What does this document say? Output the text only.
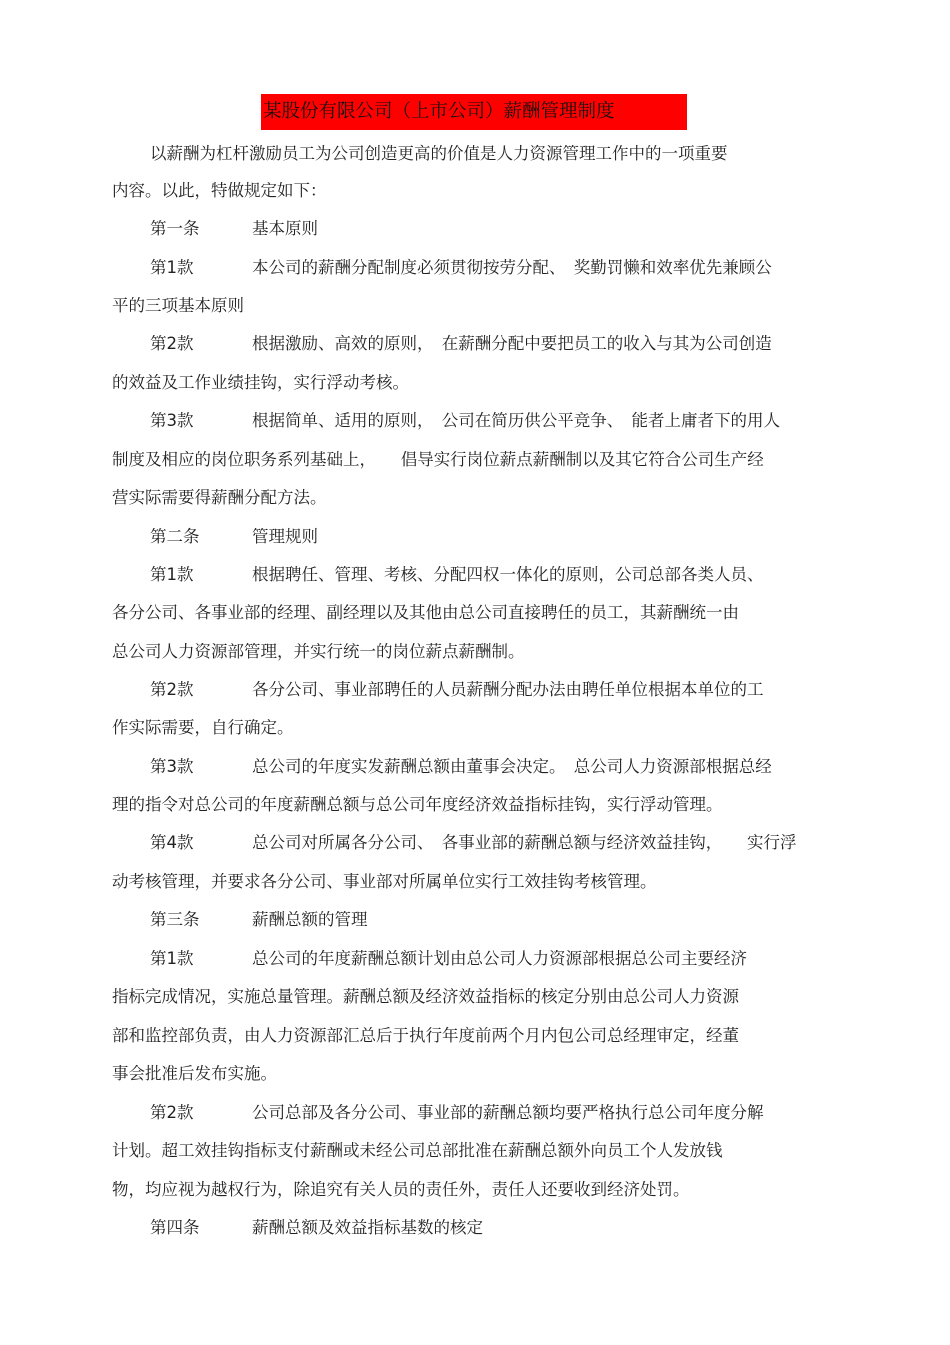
某股份有限公司（上市公司）薪酬管理制度
以薪酬为杠杆激励员工为公司创造更高的价值是人力资源管理工作中的一项重要
内容。以此，特做规定如下：
第一条	基本原则
第1款	本公司的薪酬分配制度必须贯彻按劳分配、　奖勤罚懒和效率优先兼顾公
平的三项基本原则
第2款	根据激励、高效的原则，　在薪酬分配中要把员工的收入与其为公司创造
的效益及工作业绩挂钩，实行浮动考核。
第3款	根据简单、适用的原则，　公司在简历供公平竞争、　能者上庸者下的用人
制度及相应的岗位职务系列基础上，　　倡导实行岗位薪点薪酬制以及其它符合公司生产经
营实际需要得薪酬分配方法。
第二条	管理规则
第1款	根据聘任、管理、考核、分配四权一体化的原则，公司总部各类人员、
各分公司、各事业部的经理、副经理以及其他由总公司直接聘任的员工，其薪酬统一由
总公司人力资源部管理，并实行统一的岗位薪点薪酬制。
第2款	各分公司、事业部聘任的人员薪酬分配办法由聘任单位根据本单位的工
作实际需要，自行确定。
第3款	总公司的年度实发薪酬总额由董事会决定。　总公司人力资源部根据总经
理的指令对总公司的年度薪酬总额与总公司年度经济效益指标挂钩，实行浮动管理。
第4款	总公司对所属各分公司、　各事业部的薪酬总额与经济效益挂钩，　　实行浮
动考核管理，并要求各分公司、事业部对所属单位实行工效挂钩考核管理。
第三条	薪酬总额的管理
第1款	总公司的年度薪酬总额计划由总公司人力资源部根据总公司主要经济
指标完成情况，实施总量管理。薪酬总额及经济效益指标的核定分别由总公司人力资源
部和监控部负责，由人力资源部汇总后于执行年度前两个月内包公司总经理审定，经董
事会批准后发布实施。
第2款	公司总部及各分公司、事业部的薪酬总额均要严格执行总公司年度分解
计划。超工效挂钩指标支付薪酬或未经公司总部批准在薪酬总额外向员工个人发放钱
物，均应视为越权行为，除追究有关人员的责任外，责任人还要收到经济处罚。
第四条	薪酬总额及效益指标基数的核定
